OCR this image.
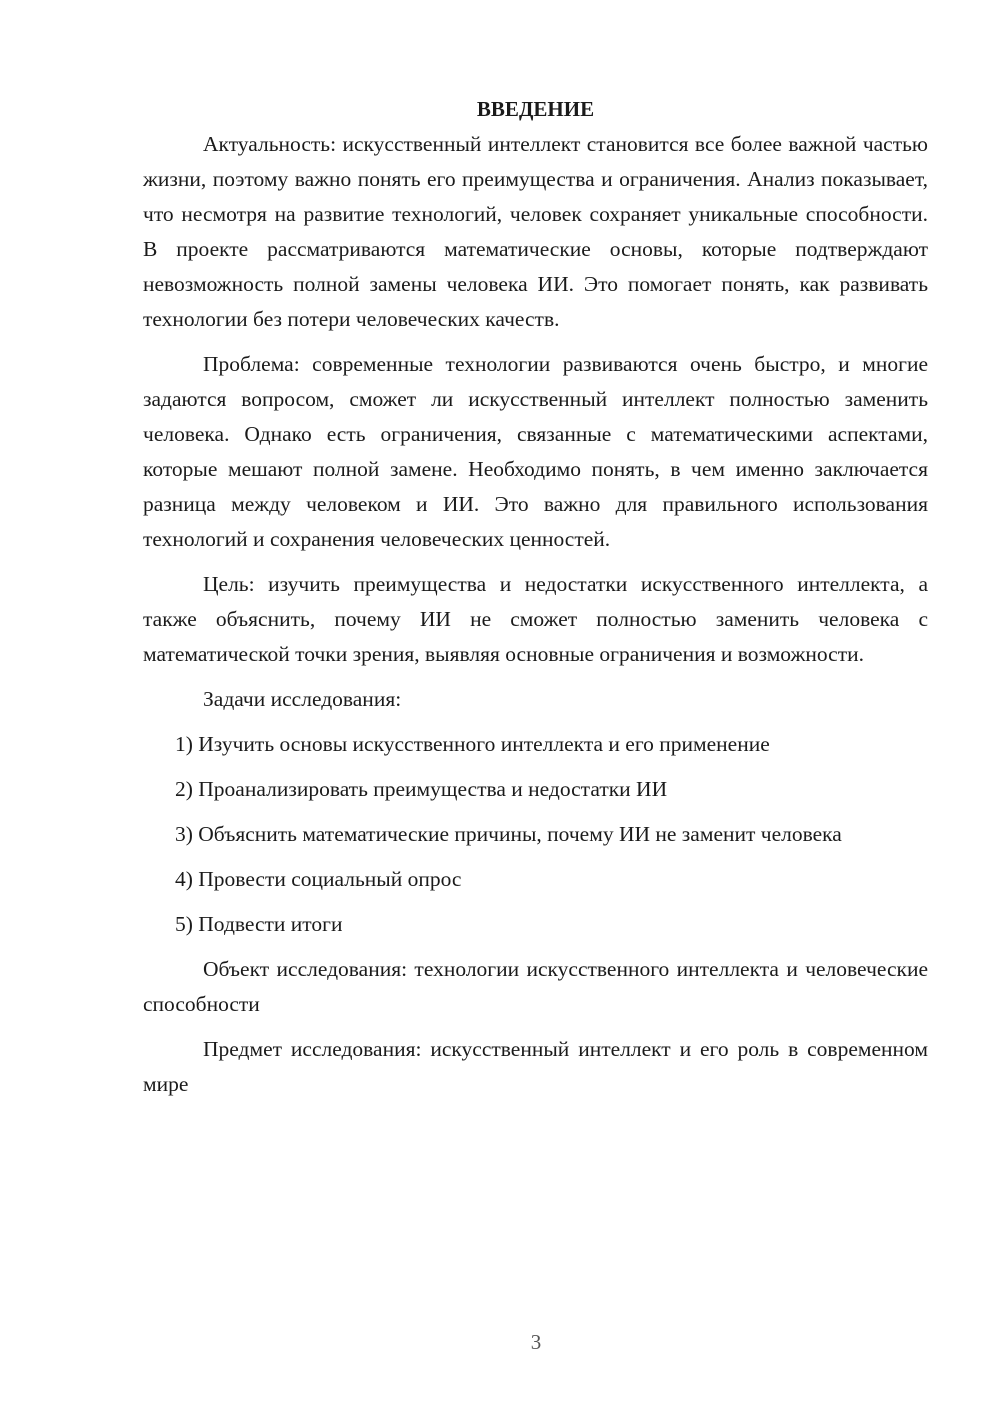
ВВЕДЕНИЕ

Актуальность: искусственный интеллект становится все более важной частью жизни, поэтому важно понять его преимущества и ограничения. Анализ показывает, что несмотря на развитие технологий, человек сохраняет уникальные способности. В проекте рассматриваются математические основы, которые подтверждают невозможность полной замены человека ИИ. Это помогает понять, как развивать технологии без потери человеческих качеств.

Проблема: современные технологии развиваются очень быстро, и многие задаются вопросом, сможет ли искусственный интеллект полностью заменить человека. Однако есть ограничения, связанные с математическими аспектами, которые мешают полной замене. Необходимо понять, в чем именно заключается разница между человеком и ИИ. Это важно для правильного использования технологий и сохранения человеческих ценностей.

Цель: изучить преимущества и недостатки искусственного интеллекта, а также объяснить, почему ИИ не сможет полностью заменить человека с математической точки зрения, выявляя основные ограничения и возможности.

Задачи исследования:

1) Изучить основы искусственного интеллекта и его применение

2) Проанализировать преимущества и недостатки ИИ

3) Объяснить математические причины, почему ИИ не заменит человека

4) Провести социальный опрос

5) Подвести итоги

Объект исследования: технологии искусственного интеллекта и человеческие способности

Предмет исследования: искусственный интеллект и его роль в современном мире

3
